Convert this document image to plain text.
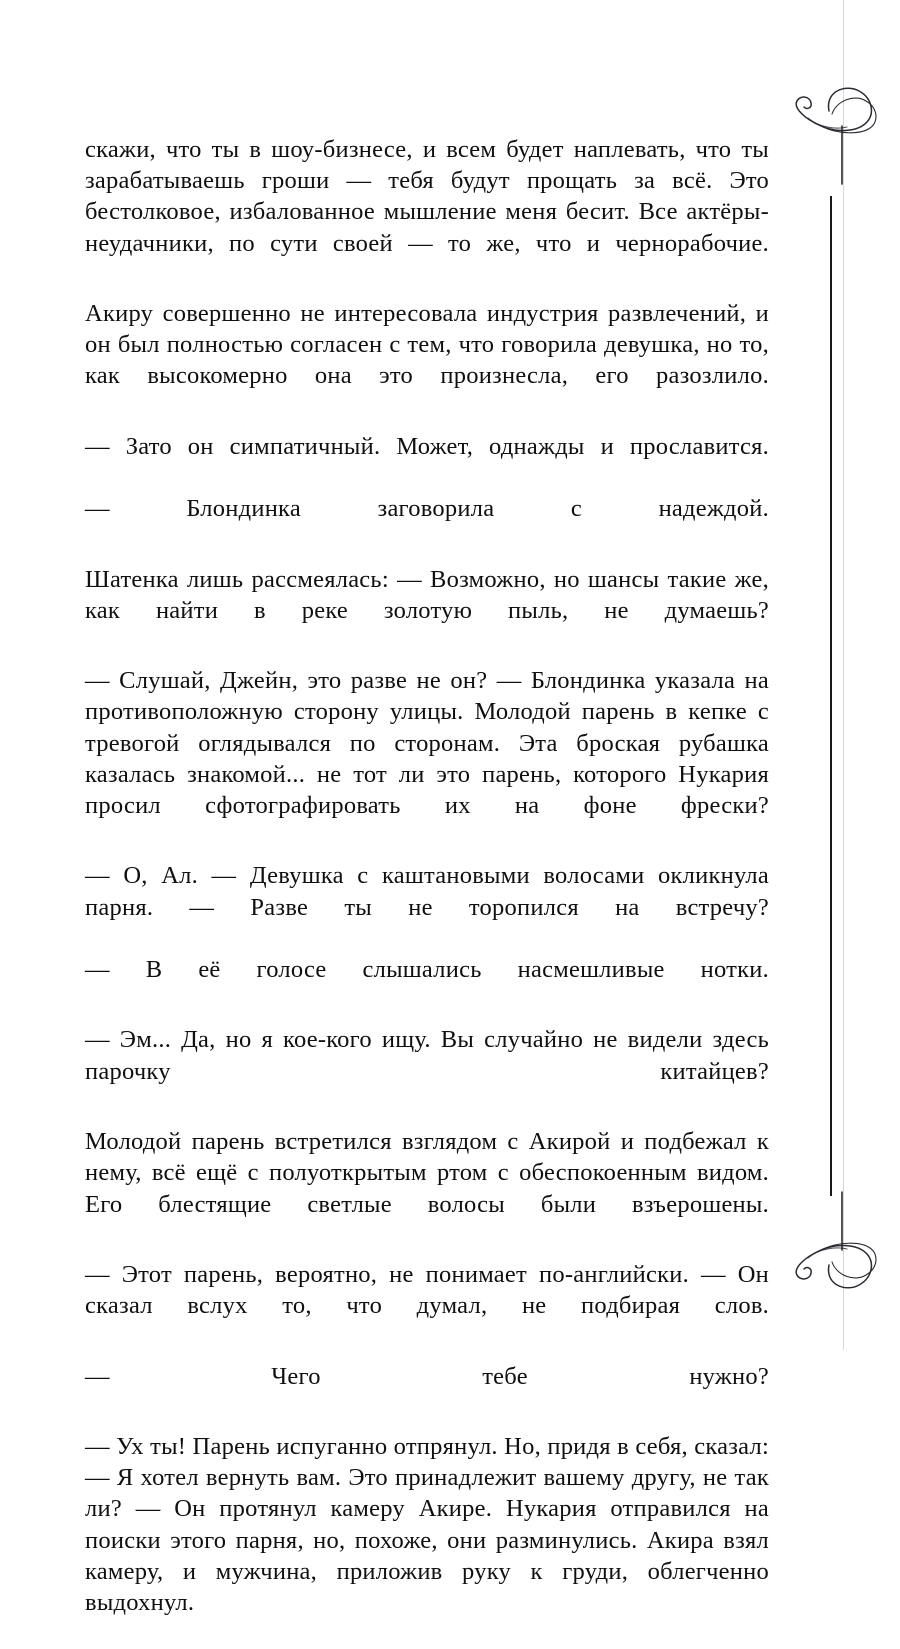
скажи, что ты в шоу-бизнесе, и всем будет наплевать, что ты зарабатываешь гроши — тебя будут прощать за всё. Это бестолковое, избалованное мышление меня бесит. Все актёры-неудачники, по сути своей — то же, что и чернорабочие.

Акиру совершенно не интересовала индустрия развлечений, и он был полностью согласен с тем, что говорила девушка, но то, как высокомерно она это произнесла, его разозлило.

— Зато он симпатичный. Может, однажды и прославится.

— Блондинка заговорила с надеждой.

Шатенка лишь рассмеялась: — Возможно, но шансы такие же, как найти в реке золотую пыль, не думаешь?

— Слушай, Джейн, это разве не он? — Блондинка указала на противоположную сторону улицы. Молодой парень в кепке с тревогой оглядывался по сторонам. Эта броская рубашка казалась знакомой... не тот ли это парень, которого Нукария просил сфотографировать их на фоне фрески?

— О, Ал. — Девушка с каштановыми волосами окликнула парня. — Разве ты не торопился на встречу?

— В её голосе слышались насмешливые нотки.

— Эм... Да, но я кое-кого ищу. Вы случайно не видели здесь парочку китайцев?

Молодой парень встретился взглядом с Акирой и подбежал к нему, всё ещё с полуоткрытым ртом с обеспокоенным видом. Его блестящие светлые волосы были взъерошены.

— Этот парень, вероятно, не понимает по-английски. — Он сказал вслух то, что думал, не подбирая слов.

— Чего тебе нужно?

— Ух ты! Парень испуганно отпрянул. Но, придя в себя, сказал: — Я хотел вернуть вам. Это принадлежит вашему другу, не так ли? — Он протянул камеру Акире. Нукария отправился на поиски этого парня, но, похоже, они разминулись. Акира взял камеру, и мужчина, приложив руку к груди, облегченно выдохнул.
